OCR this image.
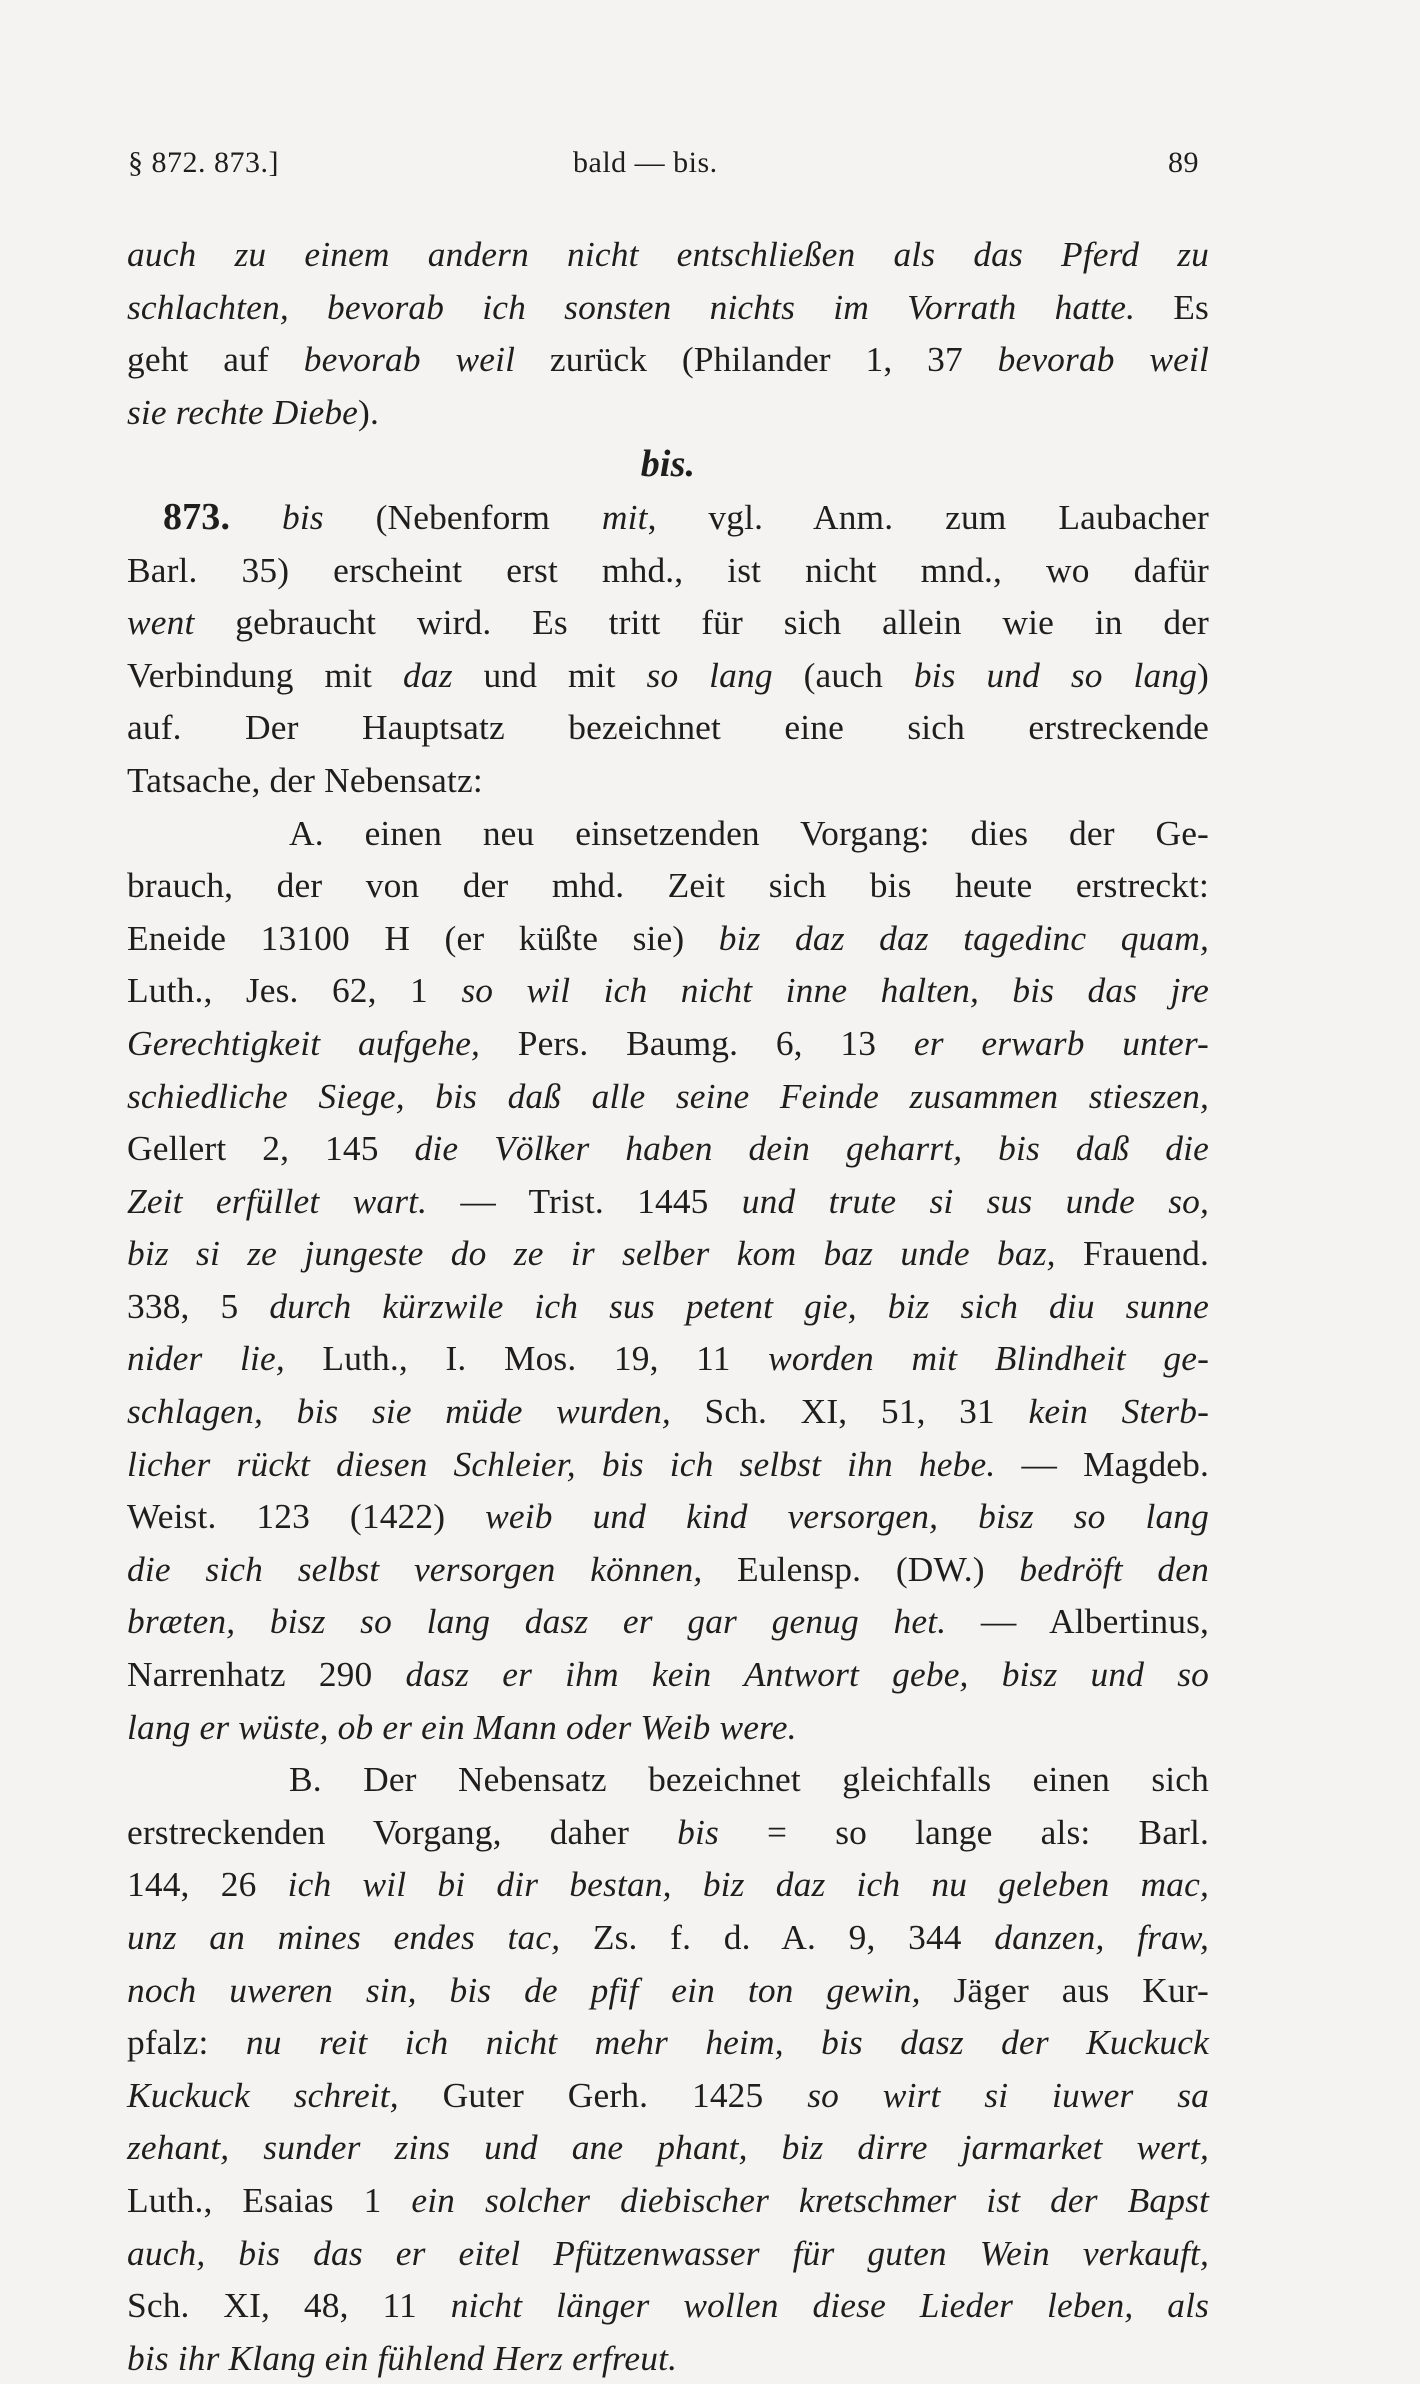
§ 872. 873.]	bald — bis.	89
auch zu einem andern nicht entschließen als das Pferd zu
schlachten, bevorab ich sonsten nichts im Vorrath hatte. Es
geht auf bevorab weil zurück (Philander 1, 37 bevorab weil
sie rechte Diebe).
bis.
873. bis (Nebenform mit, vgl. Anm. zum Laubacher
Barl. 35) erscheint erst mhd., ist nicht mnd., wo dafür
went gebraucht wird. Es tritt für sich allein wie in der
Verbindung mit daz und mit so lang (auch bis und so lang)
auf. Der Hauptsatz bezeichnet eine sich erstreckende
Tatsache, der Nebensatz:
A. einen neu einsetzenden Vorgang: dies der Ge-
brauch, der von der mhd. Zeit sich bis heute erstreckt:
Eneide 13100 H (er küßte sie) biz daz daz tagedinc quam,
Luth., Jes. 62, 1 so wil ich nicht inne halten, bis das jre
Gerechtigkeit aufgehe, Pers. Baumg. 6, 13 er erwarb unter-
schiedliche Siege, bis daß alle seine Feinde zusammen stieszen,
Gellert 2, 145 die Völker haben dein geharrt, bis daß die
Zeit erfüllet wart. — Trist. 1445 und trute si sus unde so,
biz si ze jungeste do ze ir selber kom baz unde baz, Frauend.
338, 5 durch kürzwile ich sus petent gie, biz sich diu sunne
nider lie, Luth., I. Mos. 19, 11 worden mit Blindheit ge-
schlagen, bis sie müde wurden, Sch. XI, 51, 31 kein Sterb-
licher rückt diesen Schleier, bis ich selbst ihn hebe. — Magdeb.
Weist. 123 (1422) weib und kind versorgen, bisz so lang
die sich selbst versorgen können, Eulensp. (DW.) bedröft den
bræten, bisz so lang dasz er gar genug het. — Albertinus,
Narrenhatz 290 dasz er ihm kein Antwort gebe, bisz und so
lang er wüste, ob er ein Mann oder Weib were.
B. Der Nebensatz bezeichnet gleichfalls einen sich
erstreckenden Vorgang, daher bis = so lange als: Barl.
144, 26 ich wil bi dir bestan, biz daz ich nu geleben mac,
unz an mines endes tac, Zs. f. d. A. 9, 344 danzen, fraw,
noch uweren sin, bis de pfif ein ton gewin, Jäger aus Kur-
pfalz: nu reit ich nicht mehr heim, bis dasz der Kuckuck
Kuckuck schreit, Guter Gerh. 1425 so wirt si iuwer sa
zehant, sunder zins und ane phant, biz dirre jarmarket wert,
Luth., Esaias 1 ein solcher diebischer kretschmer ist der Bapst
auch, bis das er eitel Pfützenwasser für guten Wein verkauft,
Sch. XI, 48, 11 nicht länger wollen diese Lieder leben, als
bis ihr Klang ein fühlend Herz erfreut.
